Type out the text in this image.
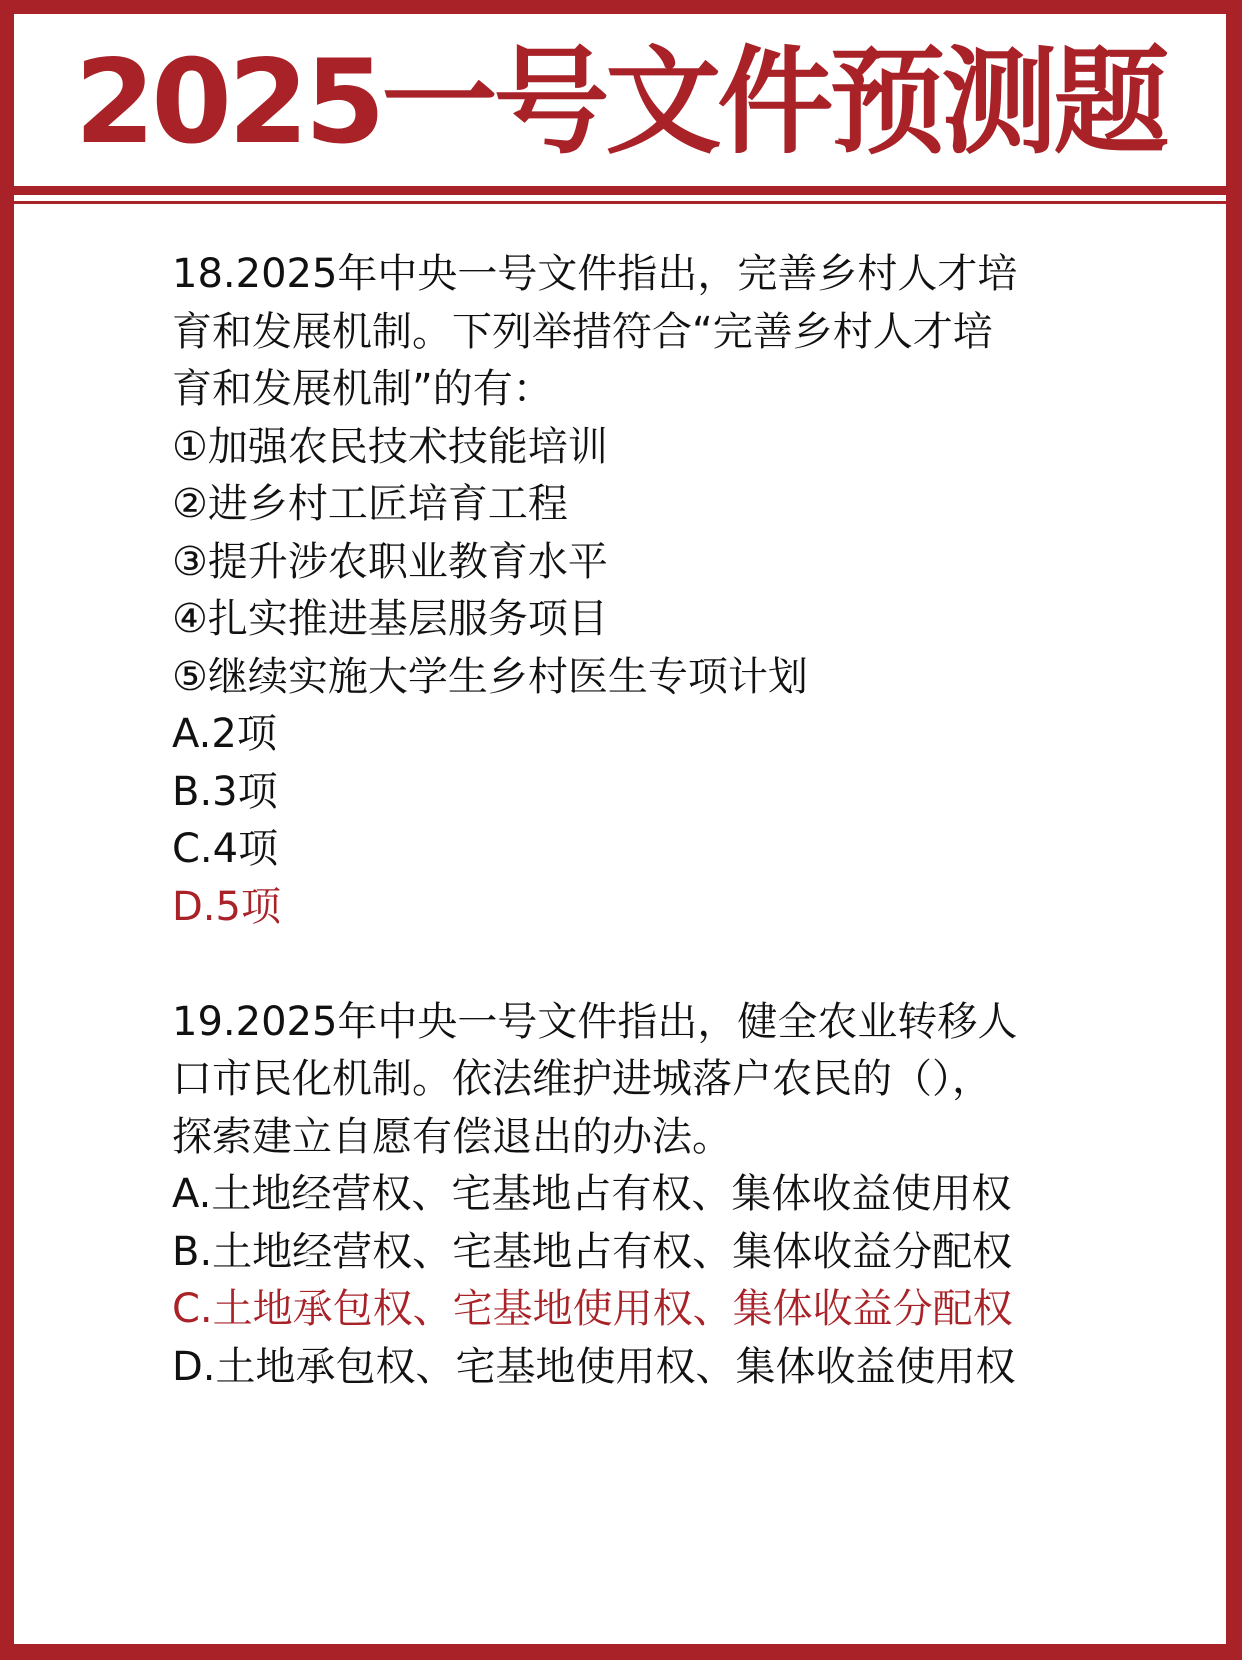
2025一号文件预测题
18.2025年中央一号文件指出，完善乡村人才培
育和发展机制。下列举措符合“完善乡村人才培
育和发展机制”的有：
①加强农民技术技能培训
②进乡村工匠培育工程
③提升涉农职业教育水平
④扎实推进基层服务项目
⑤继续实施大学生乡村医生专项计划
A.2项
B.3项
C.4项
D.5项
19.2025年中央一号文件指出，健全农业转移人
口市民化机制。依法维护进城落户农民的（），
探索建立自愿有偿退出的办法。
A.土地经营权、宅基地占有权、集体收益使用权
B.土地经营权、宅基地占有权、集体收益分配权
C.土地承包权、宅基地使用权、集体收益分配权
D.土地承包权、宅基地使用权、集体收益使用权
